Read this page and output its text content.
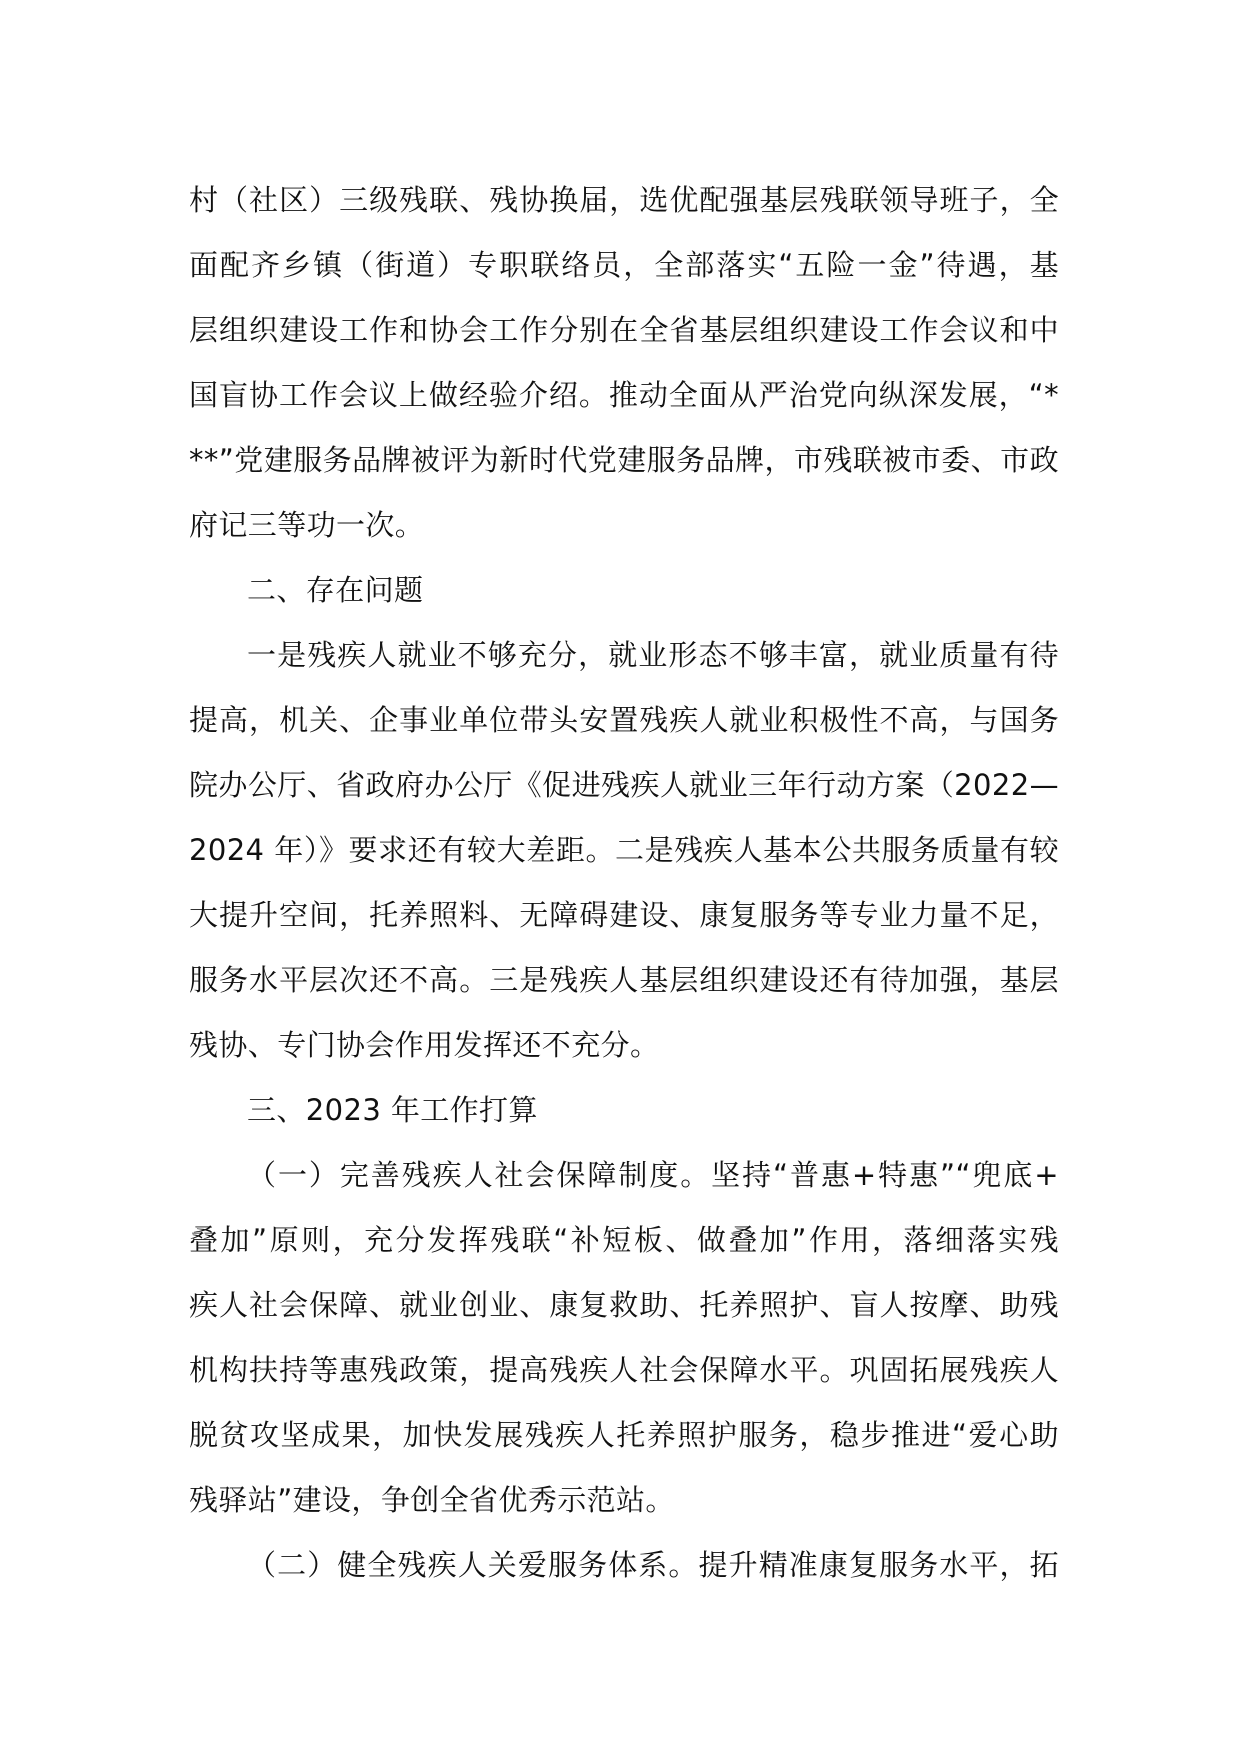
村（社区）三级残联、残协换届，选优配强基层残联领导班子，全
面配齐乡镇（街道）专职联络员，全部落实“五险一金”待遇，基
层组织建设工作和协会工作分别在全省基层组织建设工作会议和中
国盲协工作会议上做经验介绍。推动全面从严治党向纵深发展，“*
**”党建服务品牌被评为新时代党建服务品牌，市残联被市委、市政
府记三等功一次。
二、存在问题
一是残疾人就业不够充分，就业形态不够丰富，就业质量有待
提高，机关、企事业单位带头安置残疾人就业积极性不高，与国务
院办公厅、省政府办公厅《促进残疾人就业三年行动方案（2022—
2024 年）》要求还有较大差距。二是残疾人基本公共服务质量有较
大提升空间，托养照料、无障碍建设、康复服务等专业力量不足，
服务水平层次还不高。三是残疾人基层组织建设还有待加强，基层
残协、专门协会作用发挥还不充分。
三、2023 年工作打算
（一）完善残疾人社会保障制度。坚持“普惠+特惠”“兜底+
叠加”原则，充分发挥残联“补短板、做叠加”作用，落细落实残
疾人社会保障、就业创业、康复救助、托养照护、盲人按摩、助残
机构扶持等惠残政策，提高残疾人社会保障水平。巩固拓展残疾人
脱贫攻坚成果，加快发展残疾人托养照护服务，稳步推进“爱心助
残驿站”建设，争创全省优秀示范站。
（二）健全残疾人关爱服务体系。提升精准康复服务水平，拓
